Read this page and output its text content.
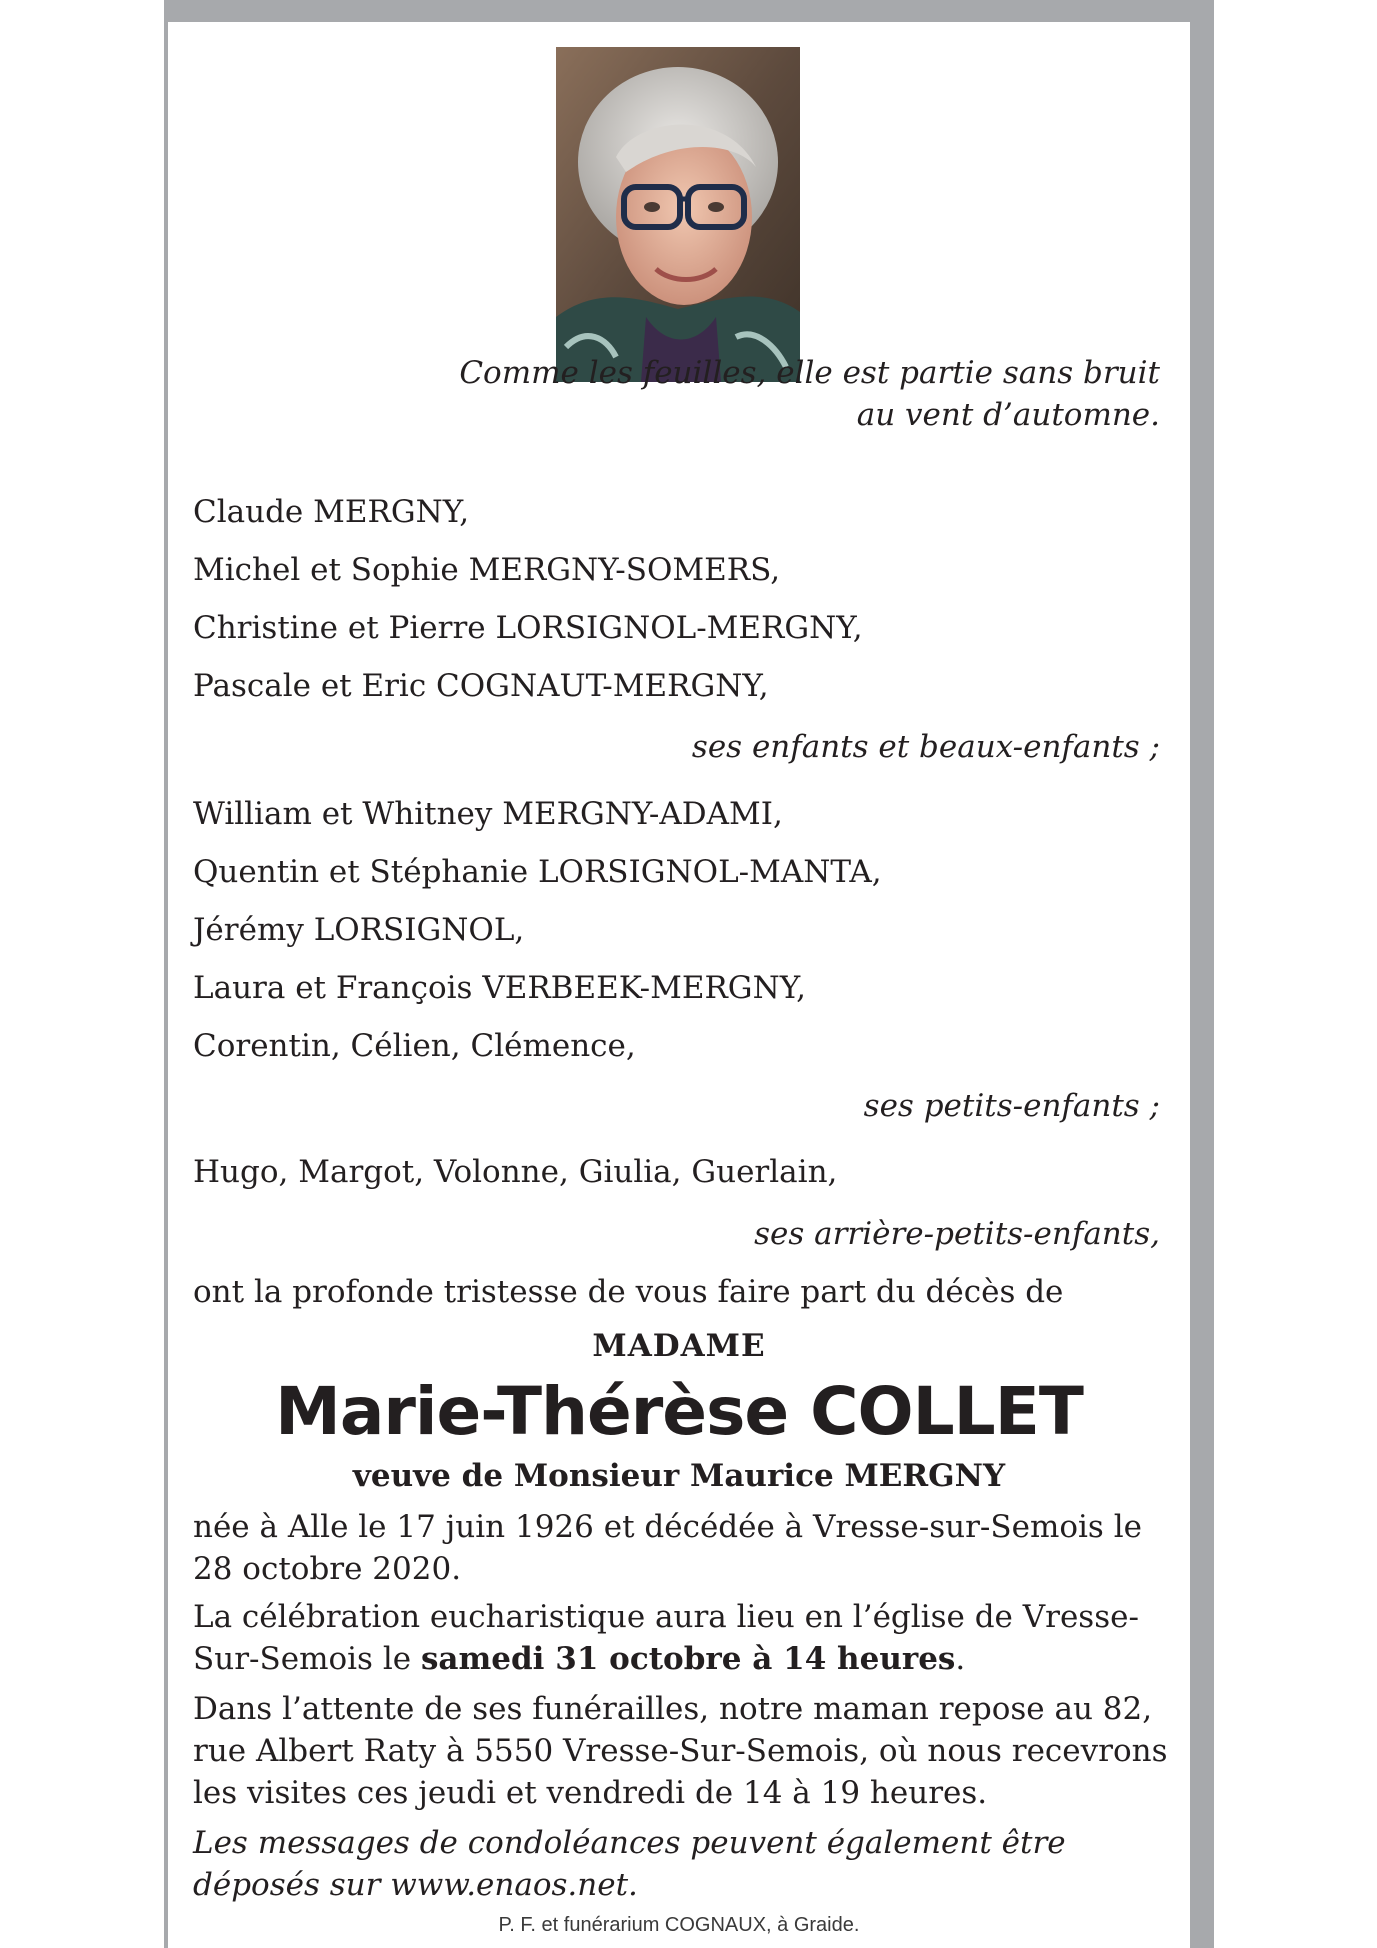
Comme les feuilles, elle est partie sans bruit
au vent d’automne.
Claude MERGNY,
Michel et Sophie MERGNY-SOMERS,
Christine et Pierre LORSIGNOL-MERGNY,
Pascale et Eric COGNAUT-MERGNY,
ses enfants et beaux-enfants ;
William et Whitney MERGNY-ADAMI,
Quentin et Stéphanie LORSIGNOL-MANTA,
Jérémy LORSIGNOL,
Laura et François VERBEEK-MERGNY,
Corentin, Célien, Clémence,
ses petits-enfants ;
Hugo, Margot, Volonne, Giulia, Guerlain,
ses arrière-petits-enfants,
ont la profonde tristesse de vous faire part du décès de
MADAME
Marie-Thérèse COLLET
veuve de Monsieur Maurice MERGNY
née à Alle le 17 juin 1926 et décédée à Vresse-sur-Semois le 28 octobre 2020.
La célébration eucharistique aura lieu en l’église de Vresse-Sur-Semois le samedi 31 octobre à 14 heures.
Dans l’attente de ses funérailles, notre maman repose au 82, rue Albert Raty à 5550 Vresse-Sur-Semois, où nous recevrons les visites ces jeudi et vendredi de 14 à 19 heures.
Les messages de condoléances peuvent également être déposés sur www.enaos.net.
P. F. et funérarium COGNAUX, à Graide.
